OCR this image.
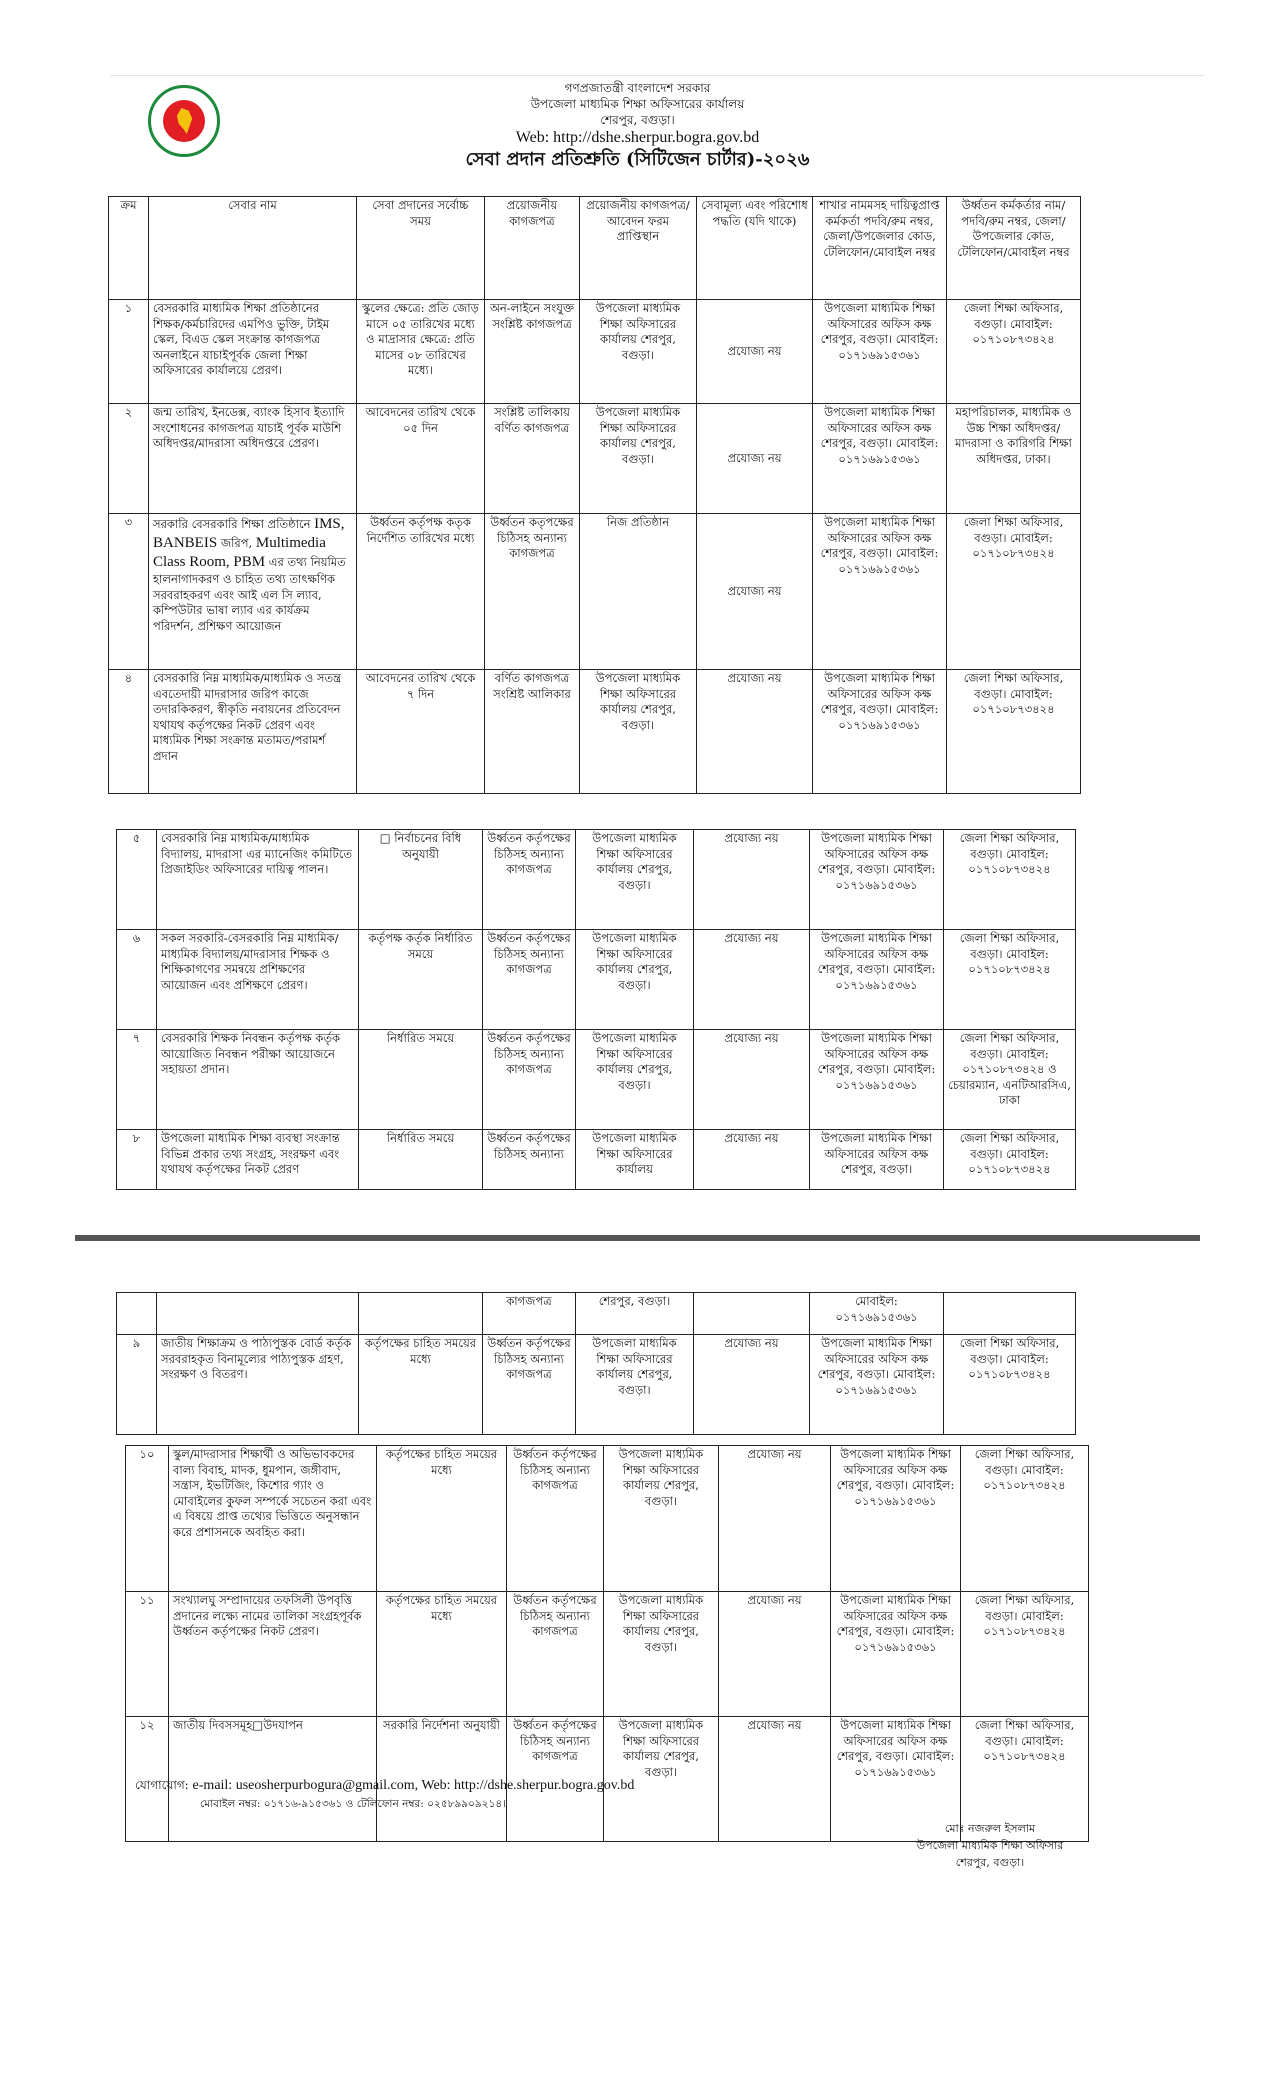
গণপ্রজাতন্ত্রী বাংলাদেশ সরকার
উপজেলা মাধ্যমিক শিক্ষা অফিসারের কার্যালয়
শেরপুর, বগুড়া।
Web: http://dshe.sherpur.bogra.gov.bd
সেবা প্রদান প্রতিশ্রুতি (সিটিজেন চার্টার)-২০২৬
ক্রম	সেবার নাম	সেবা প্রদানের সর্বোচ্চ সময়	প্রয়োজনীয় কাগজপত্র	প্রয়োজনীয় কাগজপত্র/ আবেদন ফরম প্রাপ্তিস্থান	সেবামূল্য এবং পরিশোধ পদ্ধতি (যদি থাকে)	শাখার নামমসহ দায়িত্বপ্রাপ্ত কর্মকর্তা পদবি/রুম নম্বর, জেলা/উপজেলার কোড, টেলিফোন/মোবাইল নম্বর	উর্ধ্বতন কর্মকর্তার নাম/ পদবি/রুম নম্বর, জেলা/উপজেলার কোড, টেলিফোন/মোবাইল নম্বর
১	বেসরকারি মাধ্যমিক শিক্ষা প্রতিষ্ঠানের শিক্ষক/কর্মচারিদের এমপিও ভুক্তি, টাইম স্কেল, বিএড স্কেল সংক্রান্ত কাগজপত্র অনলাইনে যাচাইপূর্বক জেলা শিক্ষা অফিসারের কার্যালয়ে প্রেরণ।	স্কুলের ক্ষেত্রে: প্রতি জোড় মাসে ০৫ তারিখের মধ্যে ও মাদ্রাসার ক্ষেত্রে: প্রতি মাসের ০৮ তারিখের মধ্যে।	অন-লাইনে সংযুক্ত সংশ্লিষ্ট কাগজপত্র	উপজেলা মাধ্যমিক শিক্ষা অফিসারের কার্যালয় শেরপুর, বগুড়া।	প্রযোজ্য নয়	উপজেলা মাধ্যমিক শিক্ষা অফিসারের অফিস কক্ষ শেরপুর, বগুড়া। মোবাইল: ০১৭১৬৯১৫৩৬১	জেলা শিক্ষা অফিসার, বগুড়া। মোবাইল: ০১৭১০৮৭৩৪২৪
২	জন্ম তারিখ, ইনডেক্স, ব্যাংক হিসাব ইত্যাদি সংশোধনের কাগজপত্র যাচাই পূর্বক মাউশি অধিদপ্তর/মাদরাসা অধিদপ্তরে প্রেরণ।	আবেদনের তারিখ থেকে ০৫ দিন	সংশ্লিষ্ট তালিকায় বর্ণিত কাগজপত্র	উপজেলা মাধ্যমিক শিক্ষা অফিসারের কার্যালয় শেরপুর, বগুড়া।	প্রযোজ্য নয়	উপজেলা মাধ্যমিক শিক্ষা অফিসারের অফিস কক্ষ শেরপুর, বগুড়া। মোবাইল: ০১৭১৬৯১৫৩৬১	মহাপরিচালক, মাধ্যমিক ও উচ্চ শিক্ষা অধিদপ্তর/মাদরাসা ও কারিগরি শিক্ষা অধিদপ্তর, ঢাকা।
৩	সরকারি বেসরকারি শিক্ষা প্রতিষ্ঠানে IMS, BANBEIS জরিপ, Multimedia Class Room, PBM এর তথ্য নিয়মিত হালনাগাদকরণ ও চাহিত তথ্য তাৎক্ষণিক সরবরাহকরণ এবং আই এল সি ল্যাব, কম্পিউটার ভাষা ল্যাব এর কার্যক্রম পরিদর্শন, প্রশিক্ষণ আয়োজন	উর্ধ্বতন কর্তৃপক্ষ কতৃক নির্দেশিত তারিখের মধ্যে	উর্ধ্বতন কতৃপক্ষের চিঠিসহ অন্যান্য কাগজপত্র	নিজ প্রতিষ্ঠান	প্রযোজ্য নয়	উপজেলা মাধ্যমিক শিক্ষা অফিসারের অফিস কক্ষ শেরপুর, বগুড়া। মোবাইল: ০১৭১৬৯১৫৩৬১	জেলা শিক্ষা অফিসার, বগুড়া। মোবাইল: ০১৭১০৮৭৩৪২৪
৪	বেসরকারি নিম্ন মাধ্যমিক/মাধ্যমিক ও সতন্ত্র এবতেদায়ী মাদরাসার জরিপ কাজে তদারকিকরণ, স্বীকৃতি নবায়নের প্রতিবেদন যথাযথ কর্তৃপক্ষের নিকট প্রেরণ এবং মাধ্যমিক শিক্ষা সংক্রান্ত মতামত/পরামর্শ প্রদান	আবেদনের তারিখ থেকে ৭ দিন	বর্ণিত কাগজপত্র সংশ্রিষ্ট আলিকার	উপজেলা মাধ্যমিক শিক্ষা অফিসারের কার্যালয় শেরপুর, বগুড়া।	প্রযোজ্য নয়	উপজেলা মাধ্যমিক শিক্ষা অফিসারের অফিস কক্ষ শেরপুর, বগুড়া। মোবাইল: ০১৭১৬৯১৫৩৬১	জেলা শিক্ষা অফিসার, বগুড়া। মোবাইল: ০১৭১০৮৭৩৪২৪
৫	বেসরকারি নিম্ন মাধ্যমিক/মাধ্যমিক বিদ্যালয়, মাদরাসা এর ম্যানেজিং কমিটিতে প্রিজাইডিং অফিসারের দায়িত্ব পালন।	□ নির্বাচনের বিধি অনুযায়ী	উর্ধ্বতন কর্তৃপক্ষের চিঠিসহ অন্যান্য কাগজপত্র	উপজেলা মাধ্যমিক শিক্ষা অফিসারের কার্যালয় শেরপুর, বগুড়া।	প্রযোজ্য নয়	উপজেলা মাধ্যমিক শিক্ষা অফিসারের অফিস কক্ষ শেরপুর, বগুড়া। মোবাইল: ০১৭১৬৯১৫৩৬১	জেলা শিক্ষা অফিসার, বগুড়া। মোবাইল: ০১৭১০৮৭৩৪২৪
৬	সকল সরকারি-বেসরকারি নিম্ন মাধ্যমিক/মাধ্যমিক বিদ্যালয়/মাদরাসার শিক্ষক ও শিক্ষিকাগণের সমন্বয়ে প্রশিক্ষণের আয়োজন এবং প্রশিক্ষণে প্রেরণ।	কর্তৃপক্ষ কর্তৃক নির্ধারিত সময়ে	উর্ধ্বতন কর্তৃপক্ষের চিঠিসহ অন্যান্য কাগজপত্র	উপজেলা মাধ্যমিক শিক্ষা অফিসারের কার্যালয় শেরপুর, বগুড়া।	প্রযোজ্য নয়	উপজেলা মাধ্যমিক শিক্ষা অফিসারের অফিস কক্ষ শেরপুর, বগুড়া। মোবাইল: ০১৭১৬৯১৫৩৬১	জেলা শিক্ষা অফিসার, বগুড়া। মোবাইল: ০১৭১০৮৭৩৪২৪
৭	বেসরকারি শিক্ষক নিবন্ধন কর্তৃপক্ষ কর্তৃক আয়োজিত নিবন্ধন পরীক্ষা আয়োজনে সহায়তা প্রদান।	নির্ধারিত সময়ে	উর্ধ্বতন কর্তৃপক্ষের চিঠিসহ অন্যান্য কাগজপত্র	উপজেলা মাধ্যমিক শিক্ষা অফিসারের কার্যালয় শেরপুর, বগুড়া।	প্রযোজ্য নয়	উপজেলা মাধ্যমিক শিক্ষা অফিসারের অফিস কক্ষ শেরপুর, বগুড়া। মোবাইল: ০১৭১৬৯১৫৩৬১	জেলা শিক্ষা অফিসার, বগুড়া। মোবাইল: ০১৭১০৮৭৩৪২৪ ও চেয়ারম্যান, এনটিআরসিএ, ঢাকা
৮	উপজেলা মাধ্যমিক শিক্ষা ব্যবস্থা সংক্রান্ত বিভিন্ন প্রকার তথ্য সংগ্রহ, সংরক্ষণ এবং যথাযথ কর্তৃপক্ষের নিকট প্রেরণ	নির্ধারিত সময়ে	উর্ধ্বতন কর্তৃপক্ষের চিঠিসহ অন্যান্য	উপজেলা মাধ্যমিক শিক্ষা অফিসারের কার্যালয়	প্রযোজ্য নয়	উপজেলা মাধ্যমিক শিক্ষা অফিসারের অফিস কক্ষ শেরপুর, বগুড়া।	জেলা শিক্ষা অফিসার, বগুড়া। মোবাইল: ০১৭১০৮৭৩৪২৪
			কাগজপত্র	শেরপুর, বগুড়া।		মোবাইল: ০১৭১৬৯১৫৩৬১	
৯	জাতীয় শিক্ষাক্রম ও পাঠ্যপুস্তক বোর্ড কর্তৃক সরবরাহকৃত বিনামূল্যের পাঠ্যপুস্তক গ্রহণ, সংরক্ষণ ও বিতরণ।	কর্তৃপক্ষের চাহিত সময়ের মধ্যে	উর্ধ্বতন কর্তৃপক্ষের চিঠিসহ অন্যান্য কাগজপত্র	উপজেলা মাধ্যমিক শিক্ষা অফিসারের কার্যালয় শেরপুর, বগুড়া।	প্রযোজ্য নয়	উপজেলা মাধ্যমিক শিক্ষা অফিসারের অফিস কক্ষ শেরপুর, বগুড়া। মোবাইল: ০১৭১৬৯১৫৩৬১	জেলা শিক্ষা অফিসার, বগুড়া। মোবাইল: ০১৭১০৮৭৩৪২৪
১০	স্কুল/মাদরাসার শিক্ষার্থী ও অভিভাবকদের বাল্য বিবাহ, মাদক, ধুমপান, জঙ্গীবাদ, সন্ত্রাস, ইভটিজিং, কিশোর গ্যাং ও মোবাইলের কুফল সম্পর্কে সচেতন করা এবং এ বিষয়ে প্রাপ্ত তথ্যের ভিত্তিতে অনুসন্ধান করে প্রশাসনকে অবহিত করা।	কর্তৃপক্ষের চাহিত সময়ের মধ্যে	উর্ধ্বতন কর্তৃপক্ষের চিঠিসহ অন্যান্য কাগজপত্র	উপজেলা মাধ্যমিক শিক্ষা অফিসারের কার্যালয় শেরপুর, বগুড়া।	প্রযোজ্য নয়	উপজেলা মাধ্যমিক শিক্ষা অফিসারের অফিস কক্ষ শেরপুর, বগুড়া। মোবাইল: ০১৭১৬৯১৫৩৬১	জেলা শিক্ষা অফিসার, বগুড়া। মোবাইল: ০১৭১০৮৭৩৪২৪
১১	সংখ্যালঘু সম্প্রাদায়ের তফসিলী উপবৃত্তি প্রদানের লক্ষ্যে নামের তালিকা সংগ্রহপূর্বক উর্ধ্বতন কর্তৃপক্ষের নিকট প্রেরণ।	কর্তৃপক্ষের চাহিত সময়ের মধ্যে	উর্ধ্বতন কর্তৃপক্ষের চিঠিসহ অন্যান্য কাগজপত্র	উপজেলা মাধ্যমিক শিক্ষা অফিসারের কার্যালয় শেরপুর, বগুড়া।	প্রযোজ্য নয়	উপজেলা মাধ্যমিক শিক্ষা অফিসারের অফিস কক্ষ শেরপুর, বগুড়া। মোবাইল: ০১৭১৬৯১৫৩৬১	জেলা শিক্ষা অফিসার, বগুড়া। মোবাইল: ০১৭১০৮৭৩৪২৪
১২	জাতীয় দিবসসমূহ□উদযাপন	সরকারি নির্দেশনা অনুযায়ী	উর্ধ্বতন কর্তৃপক্ষের চিঠিসহ অন্যান্য কাগজপত্র	উপজেলা মাধ্যমিক শিক্ষা অফিসারের কার্যালয় শেরপুর, বগুড়া।	প্রযোজ্য নয়	উপজেলা মাধ্যমিক শিক্ষা অফিসারের অফিস কক্ষ শেরপুর, বগুড়া। মোবাইল: ০১৭১৬৯১৫৩৬১	জেলা শিক্ষা অফিসার, বগুড়া। মোবাইল: ০১৭১০৮৭৩৪২৪
যোগাযোগ: e-mail: useosherpurbogura@gmail.com, Web: http://dshe.sherpur.bogra.gov.bd
মোবাইল নম্বর: ০১৭১৬-৯১৫৩৬১ ও টেলিফোন নম্বর: ০২৫৮৯৯০৯২১৪।
মোঃ নজরুল ইসলাম
উপজেলা মাধ্যমিক শিক্ষা অফিসার
শেরপুর, বগুড়া।
